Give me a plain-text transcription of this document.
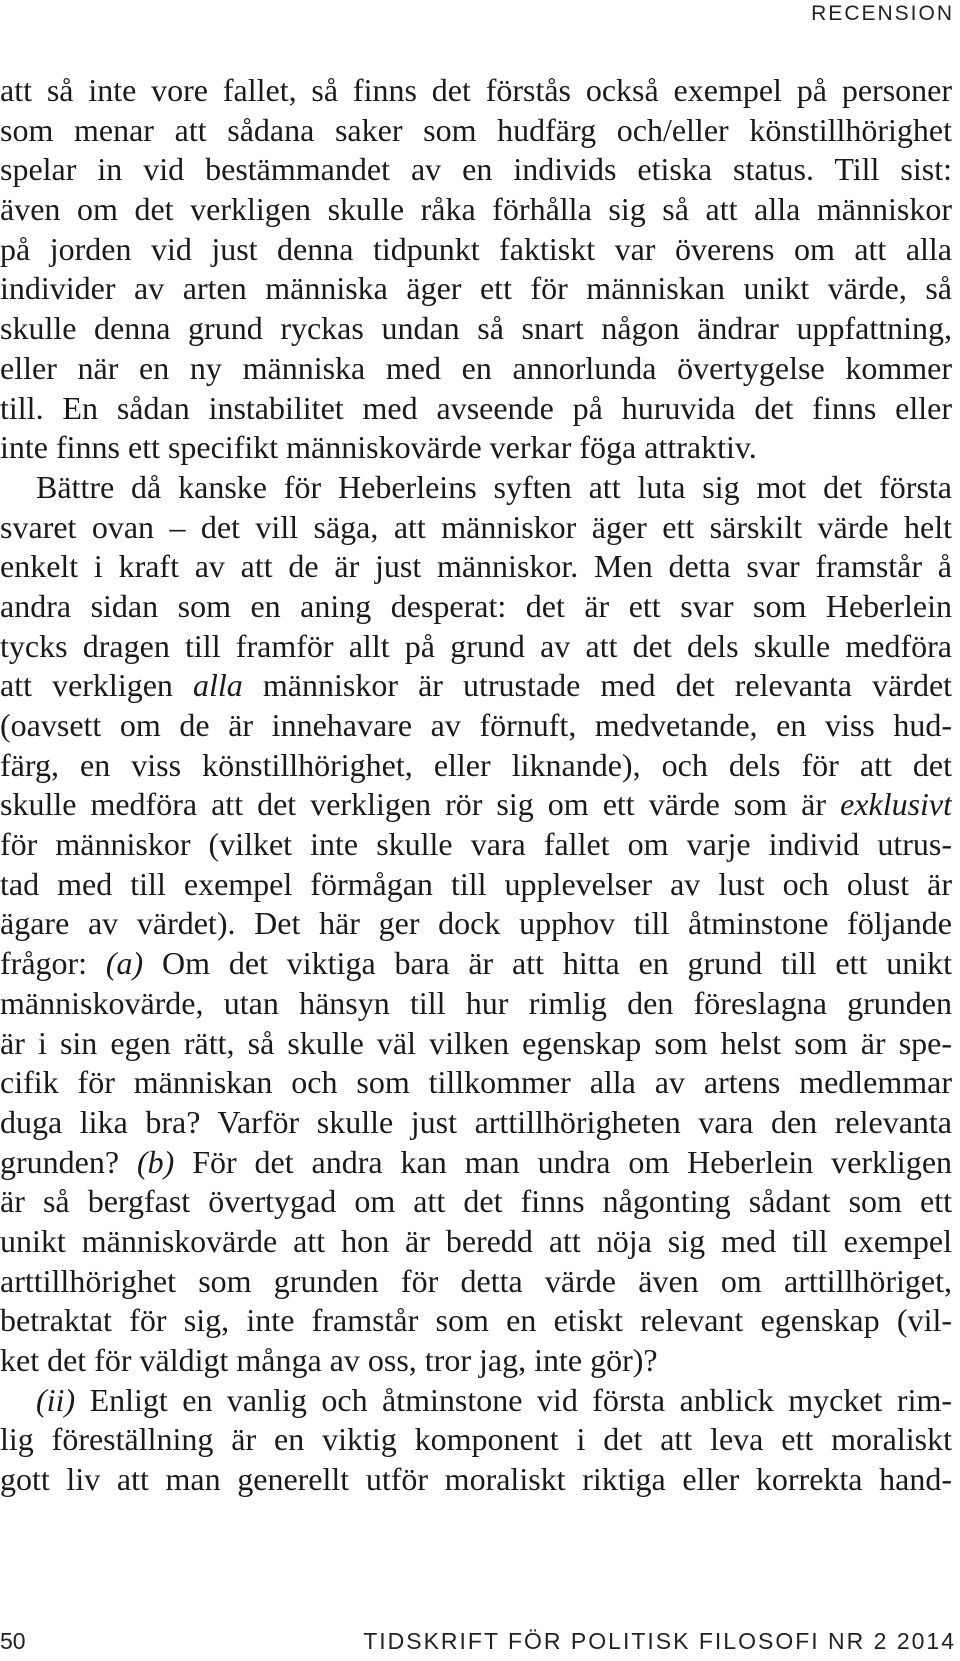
RECENSION
att så inte vore fallet, så finns det förstås också exempel på personer
som menar att sådana saker som hudfärg och/eller könstillhörighet
spelar in vid bestämmandet av en individs etiska status. Till sist:
även om det verkligen skulle råka förhålla sig så att alla människor
på jorden vid just denna tidpunkt faktiskt var överens om att alla
individer av arten människa äger ett för människan unikt värde, så
skulle denna grund ryckas undan så snart någon ändrar uppfattning,
eller när en ny människa med en annorlunda övertygelse kommer
till. En sådan instabilitet med avseende på huruvida det finns eller
inte finns ett specifikt människovärde verkar föga attraktiv.
Bättre då kanske för Heberleins syften att luta sig mot det första
svaret ovan – det vill säga, att människor äger ett särskilt värde helt
enkelt i kraft av att de är just människor. Men detta svar framstår å
andra sidan som en aning desperat: det är ett svar som Heberlein
tycks dragen till framför allt på grund av att det dels skulle medföra
att verkligen alla människor är utrustade med det relevanta värdet
(oavsett om de är innehavare av förnuft, medvetande, en viss hud-
färg, en viss könstillhörighet, eller liknande), och dels för att det
skulle medföra att det verkligen rör sig om ett värde som är exklusivt
för människor (vilket inte skulle vara fallet om varje individ utrus-
tad med till exempel förmågan till upplevelser av lust och olust är
ägare av värdet). Det här ger dock upphov till åtminstone följande
frågor: (a) Om det viktiga bara är att hitta en grund till ett unikt
människovärde, utan hänsyn till hur rimlig den föreslagna grunden
är i sin egen rätt, så skulle väl vilken egenskap som helst som är spe-
cifik för människan och som tillkommer alla av artens medlemmar
duga lika bra? Varför skulle just arttillhörigheten vara den relevanta
grunden? (b) För det andra kan man undra om Heberlein verkligen
är så bergfast övertygad om att det finns någonting sådant som ett
unikt människovärde att hon är beredd att nöja sig med till exempel
arttillhörighet som grunden för detta värde även om arttillhöriget,
betraktat för sig, inte framstår som en etiskt relevant egenskap (vil-
ket det för väldigt många av oss, tror jag, inte gör)?
(ii) Enligt en vanlig och åtminstone vid första anblick mycket rim-
lig föreställning är en viktig komponent i det att leva ett moraliskt
gott liv att man generellt utför moraliskt riktiga eller korrekta hand-
50	TIDSKRIFT FÖR POLITISK FILOSOFI NR 2 2014
